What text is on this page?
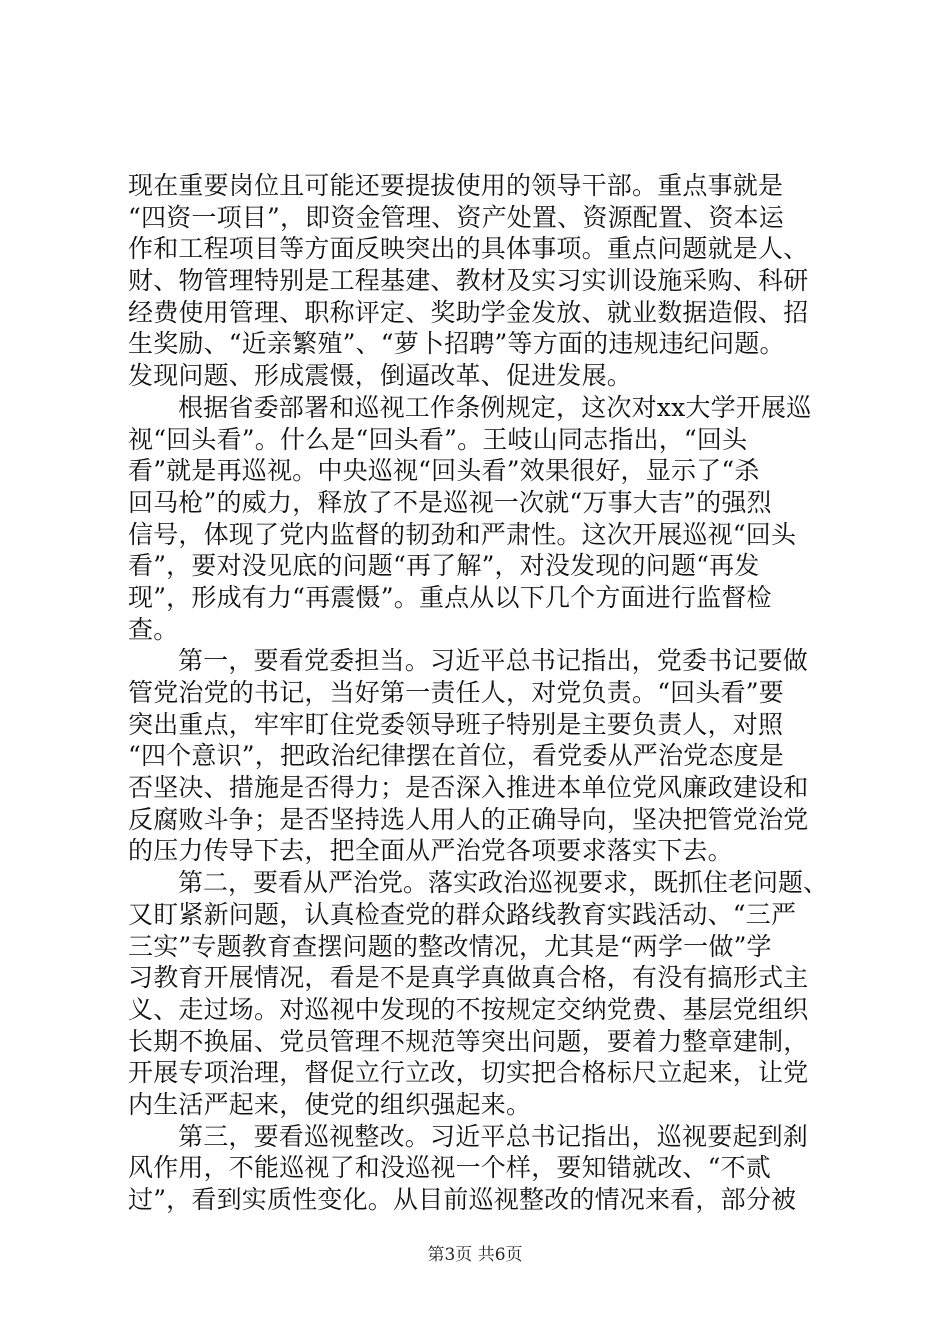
现在重要岗位且可能还要提拔使用的领导干部。重点事就是
“四资一项目”，即资金管理、资产处置、资源配置、资本运
作和工程项目等方面反映突出的具体事项。重点问题就是人、
财、物管理特别是工程基建、教材及实习实训设施采购、科研
经费使用管理、职称评定、奖助学金发放、就业数据造假、招
生奖励、“近亲繁殖”、“萝卜招聘”等方面的违规违纪问题。
发现问题、形成震慑，倒逼改革、促进发展。
根据省委部署和巡视工作条例规定，这次对xx大学开展巡
视“回头看”。什么是“回头看”。王岐山同志指出，“回头
看”就是再巡视。中央巡视“回头看”效果很好，显示了“杀
回马枪”的威力，释放了不是巡视一次就“万事大吉”的强烈
信号，体现了党内监督的韧劲和严肃性。这次开展巡视“回头
看”，要对没见底的问题“再了解”，对没发现的问题“再发
现”，形成有力“再震慑”。重点从以下几个方面进行监督检
查。
第一，要看党委担当。习近平总书记指出，党委书记要做
管党治党的书记，当好第一责任人，对党负责。“回头看”要
突出重点，牢牢盯住党委领导班子特别是主要负责人，对照
“四个意识”，把政治纪律摆在首位，看党委从严治党态度是
否坚决、措施是否得力；是否深入推进本单位党风廉政建设和
反腐败斗争；是否坚持选人用人的正确导向，坚决把管党治党
的压力传导下去，把全面从严治党各项要求落实下去。
第二，要看从严治党。落实政治巡视要求，既抓住老问题、
又盯紧新问题，认真检查党的群众路线教育实践活动、“三严
三实”专题教育查摆问题的整改情况，尤其是“两学一做”学
习教育开展情况，看是不是真学真做真合格，有没有搞形式主
义、走过场。对巡视中发现的不按规定交纳党费、基层党组织
长期不换届、党员管理不规范等突出问题，要着力整章建制，
开展专项治理，督促立行立改，切实把合格标尺立起来，让党
内生活严起来，使党的组织强起来。
第三，要看巡视整改。习近平总书记指出，巡视要起到刹
风作用，不能巡视了和没巡视一个样，要知错就改、“不贰
过”，看到实质性变化。从目前巡视整改的情况来看，部分被
第3页 共6页
